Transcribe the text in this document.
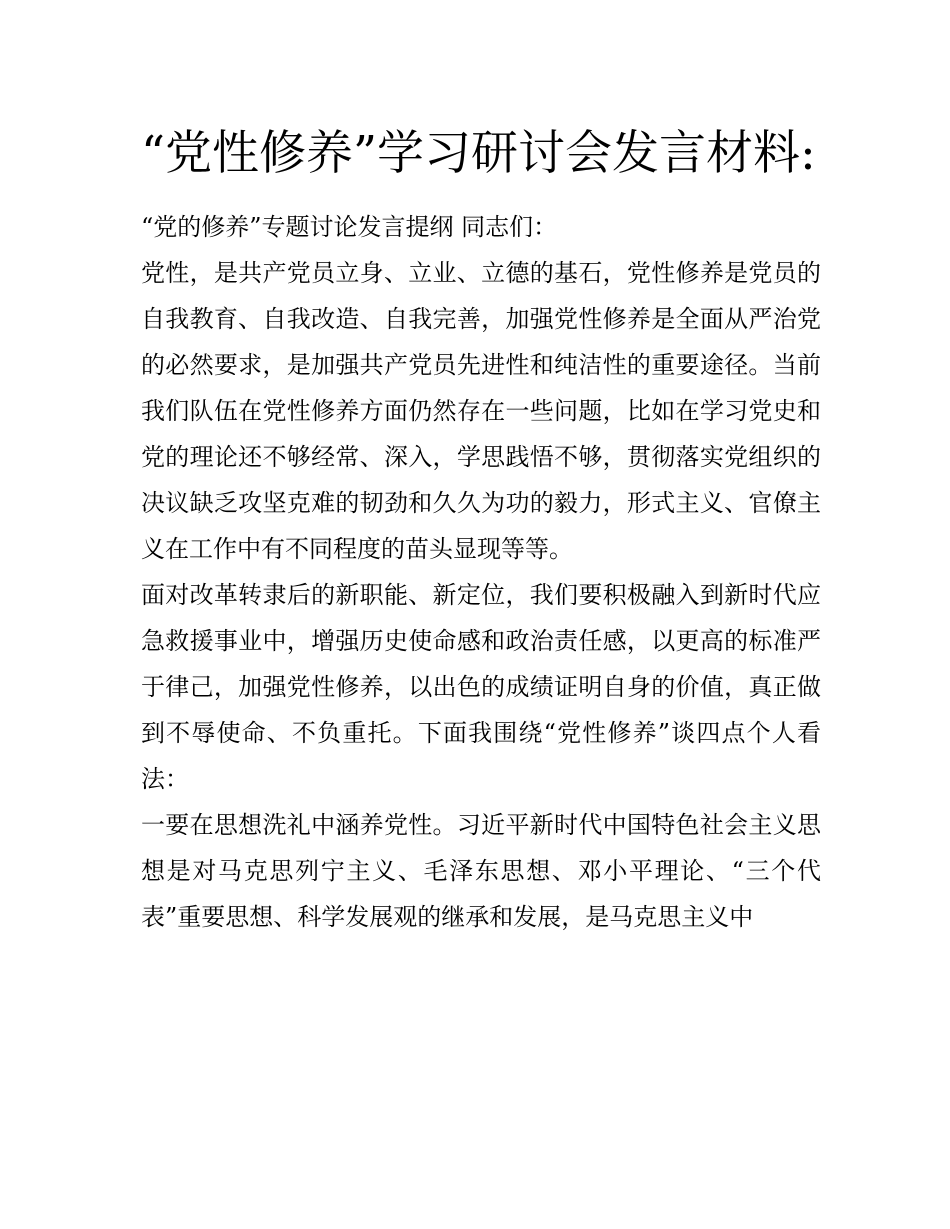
“党性修养”学习研讨会发言材料:

“党的修养”专题讨论发言提纲 同志们：

党性，是共产党员立身、立业、立德的基石，党性修养是党员的自我教育、自我改造、自我完善，加强党性修养是全面从严治党的必然要求，是加强共产党员先进性和纯洁性的重要途径。当前我们队伍在党性修养方面仍然存在一些问题，比如在学习党史和党的理论还不够经常、深入，学思践悟不够，贯彻落实党组织的决议缺乏攻坚克难的韧劲和久久为功的毅力，形式主义、官僚主义在工作中有不同程度的苗头显现等等。

面对改革转隶后的新职能、新定位，我们要积极融入到新时代应急救援事业中，增强历史使命感和政治责任感，以更高的标准严于律己，加强党性修养，以出色的成绩证明自身的价值，真正做到不辱使命、不负重托。下面我围绕“党性修养”谈四点个人看法：

一要在思想洗礼中涵养党性。习近平新时代中国特色社会主义思想是对马克思列宁主义、毛泽东思想、邓小平理论、“三个代表”重要思想、科学发展观的继承和发展，是马克思主义中
